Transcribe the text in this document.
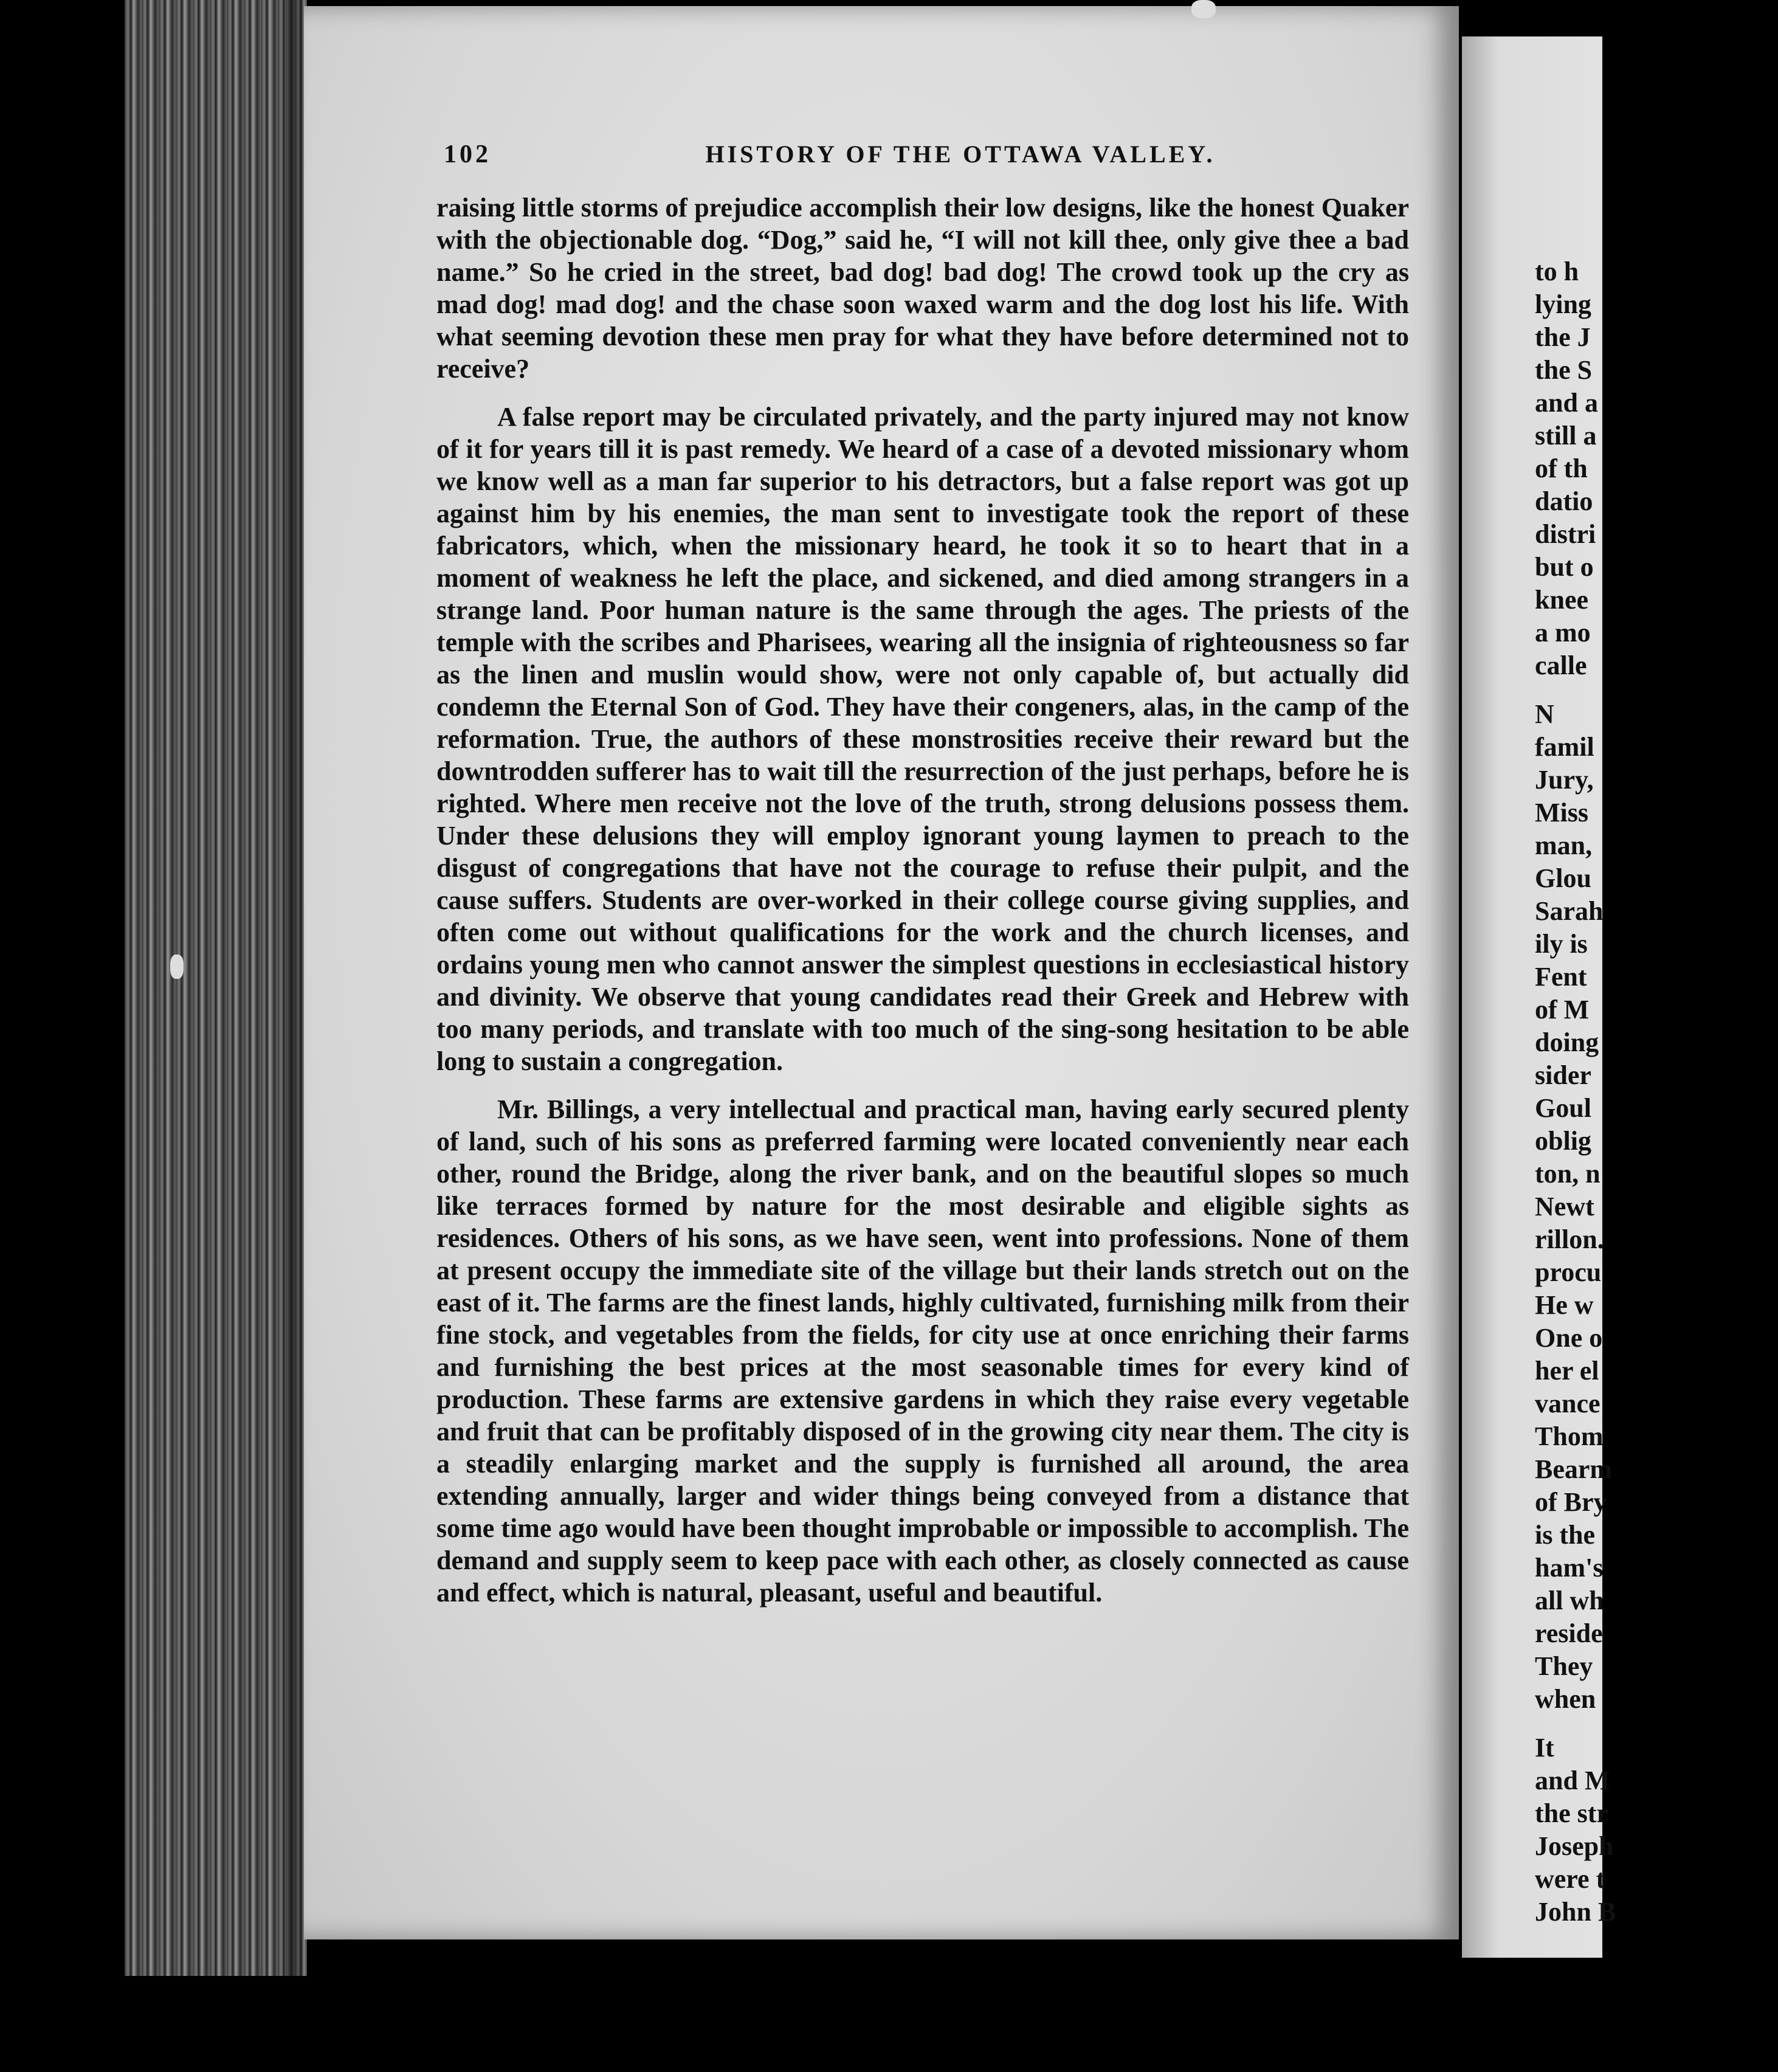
102	HISTORY OF THE OTTAWA VALLEY.

raising little storms of prejudice accomplish their low designs, like the honest Quaker with the objectionable dog. “Dog,” said he, “I will not kill thee, only give thee a bad name.” So he cried in the street, bad dog! bad dog! The crowd took up the cry as mad dog! mad dog! and the chase soon waxed warm and the dog lost his life. With what seeming devotion these men pray for what they have before determined not to receive?

A false report may be circulated privately, and the party injured may not know of it for years till it is past remedy. We heard of a case of a devoted missionary whom we know well as a man far superior to his detractors, but a false report was got up against him by his enemies, the man sent to investigate took the report of these fabricators, which, when the missionary heard, he took it so to heart that in a moment of weakness he left the place, and sickened, and died among strangers in a strange land. Poor human nature is the same through the ages. The priests of the temple with the scribes and Pharisees, wearing all the insignia of righteousness so far as the linen and muslin would show, were not only capable of, but actually did condemn the Eternal Son of God. They have their congeners, alas, in the camp of the reformation. True, the authors of these monstrosities receive their reward but the downtrodden sufferer has to wait till the resurrection of the just perhaps, before he is righted. Where men receive not the love of the truth, strong delusions possess them. Under these delusions they will employ ignorant young laymen to preach to the disgust of congregations that have not the courage to refuse their pulpit, and the cause suffers. Students are over-worked in their college course giving supplies, and often come out without qualifications for the work and the church licenses, and ordains young men who cannot answer the simplest questions in ecclesiastical history and divinity. We observe that young candidates read their Greek and Hebrew with too many periods, and translate with too much of the sing-song hesitation to be able long to sustain a congregation.

Mr. Billings, a very intellectual and practical man, having early secured plenty of land, such of his sons as preferred farming were located conveniently near each other, round the Bridge, along the river bank, and on the beautiful slopes so much like terraces formed by nature for the most desirable and eligible sights as residences. Others of his sons, as we have seen, went into professions. None of them at present occupy the immediate site of the village but their lands stretch out on the east of it. The farms are the finest lands, highly cultivated, furnishing milk from their fine stock, and vegetables from the fields, for city use at once enriching their farms and furnishing the best prices at the most seasonable times for every kind of production. These farms are extensive gardens in which they raise every vegetable and fruit that can be profitably disposed of in the growing city near them. The city is a steadily enlarging market and the supply is furnished all around, the area extending annually, larger and wider things being conveyed from a distance that some time ago would have been thought improbable or impossible to accomplish. The demand and supply seem to keep pace with each other, as closely connected as cause and effect, which is natural, pleasant, useful and beautiful.

to h
lying
the J
the S
and a
still a
of th
datio
distri
but o
knee
a mo
calle
N
famil
Jury,
Miss
man,
Glou
Sarah
ily is
Fent
of M
doing
sider
Goul
oblig
ton, n
Newt
rillon.
procu
He w
One o
her el
vance
Thom
Bearm
of Bry
is the
ham's
all wh
reside
They
when
It
and M
the str
Joseph
were t
John B
